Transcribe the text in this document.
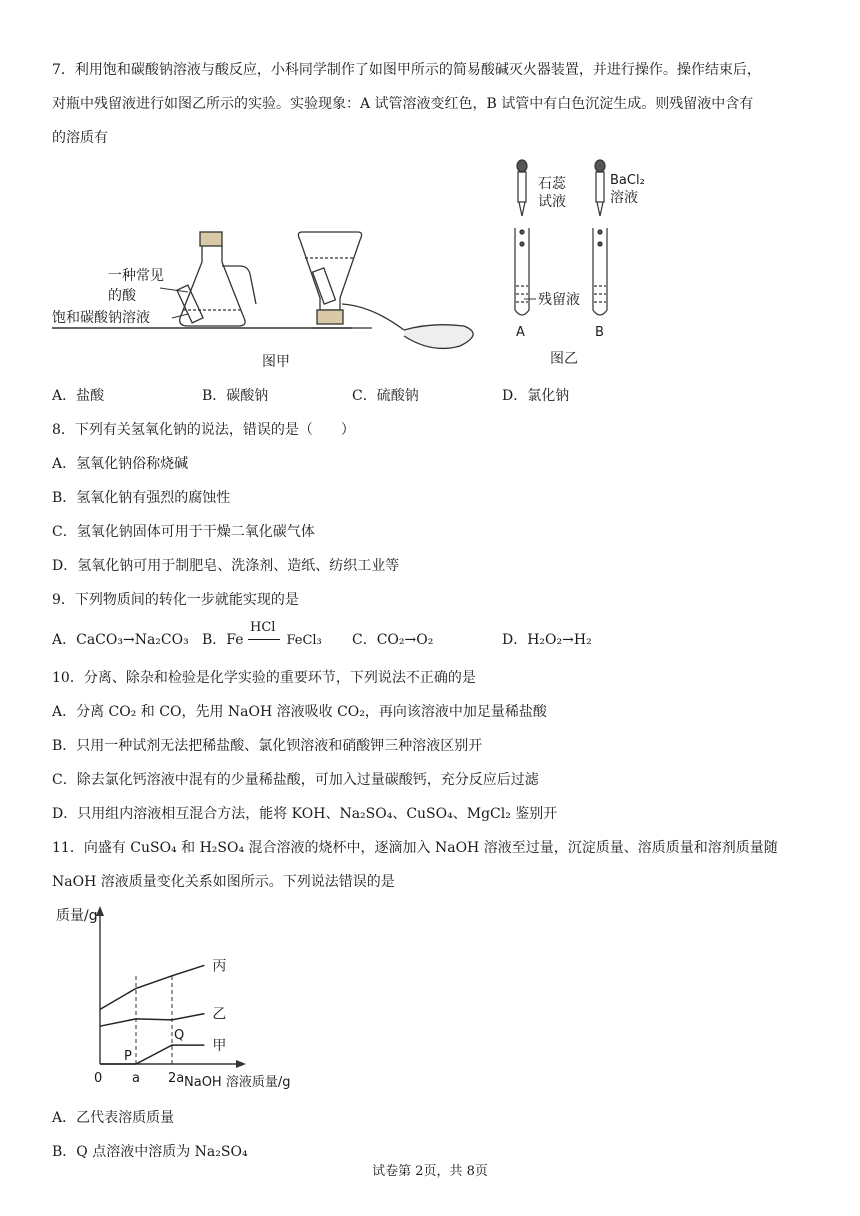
7．利用饱和碳酸钠溶液与酸反应，小科同学制作了如图甲所示的简易酸碱灭火器装置，并进行操作。操作结束后，
对瓶中残留液进行如图乙所示的实验。实验现象：A 试管溶液变红色，B 试管中有白色沉淀生成。则残留液中含有
的溶质有
一种常见
的酸
饱和碳酸钠溶液
图甲
石蕊
试液
BaCl₂
溶液
残留液
A	B
图乙
A．盐酸	B．碳酸钠	C．硫酸钠	D．氯化钠
8．下列有关氢氧化钠的说法，错误的是（　　）
A．氢氧化钠俗称烧碱
B．氢氧化钠有强烈的腐蚀性
C．氢氧化钠固体可用于干燥二氧化碳气体
D．氢氧化钠可用于制肥皂、洗涤剂、造纸、纺织工业等
9．下列物质间的转化一步就能实现的是
A．CaCO₃→Na₂CO₃ B．Fe
HCl
FeCl₃ C．CO₂→O₂	D．H₂O₂→H₂
10．分离、除杂和检验是化学实验的重要环节，下列说法不正确的是
A．分离 CO₂ 和 CO，先用 NaOH 溶液吸收 CO₂，再向该溶液中加足量稀盐酸
B．只用一种试剂无法把稀盐酸、氯化钡溶液和硝酸钾三种溶液区别开
C．除去氯化钙溶液中混有的少量稀盐酸，可加入过量碳酸钙，充分反应后过滤
D．只用组内溶液相互混合方法，能将 KOH、Na₂SO₄、CuSO₄、MgCl₂ 鉴别开
11．向盛有 CuSO₄ 和 H₂SO₄ 混合溶液的烧杯中，逐滴加入 NaOH 溶液至过量，沉淀质量、溶质质量和溶剂质量随
NaOH 溶液质量变化关系如图所示。下列说法错误的是
质量/g
NaOH 溶液质量/g
0 a 2a
丙
乙
甲
P
Q
A．乙代表溶质质量
B．Q 点溶液中溶质为 Na₂SO₄
试卷第 2页，共 8页
